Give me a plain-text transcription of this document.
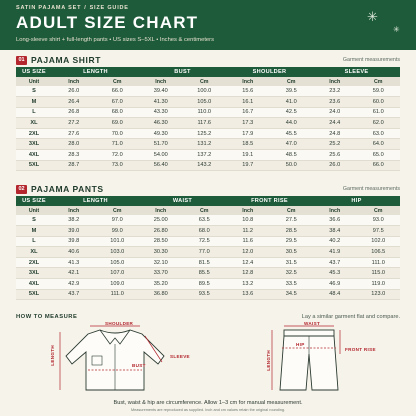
SATIN PAJAMA SET / SIZE GUIDE
ADULT SIZE CHART
Long-sleeve shirt + full-length pants • US sizes S–5XL • Inches & centimeters
✳
✳
01 PAJAMA SHIRT	Garment measurements
US SIZE	LENGTH		BUST		SHOULDER		SLEEVE	
Unit	Inch	Cm	Inch	Cm	Inch	Cm	Inch	Cm
S	26.0	66.0	39.40	100.0	15.6	39.5	23.2	59.0
M	26.4	67.0	41.30	105.0	16.1	41.0	23.6	60.0
L	26.8	68.0	43.30	110.0	16.7	42.5	24.0	61.0
XL	27.2	69.0	46.30	117.6	17.3	44.0	24.4	62.0
2XL	27.6	70.0	49.30	125.2	17.9	45.5	24.8	63.0
3XL	28.0	71.0	51.70	131.2	18.5	47.0	25.2	64.0
4XL	28.3	72.0	54.00	137.2	19.1	48.5	25.6	65.0
5XL	28.7	73.0	56.40	143.2	19.7	50.0	26.0	66.0
02 PAJAMA PANTS	Garment measurements
US SIZE	LENGTH		WAIST		FRONT RISE		HIP	
Unit	Inch	Cm	Inch	Cm	Inch	Cm	Inch	Cm
S	38.2	97.0	25.00	63.5	10.8	27.5	36.6	93.0
M	39.0	99.0	26.80	68.0	11.2	28.5	38.4	97.5
L	39.8	101.0	28.50	72.5	11.6	29.5	40.2	102.0
XL	40.6	103.0	30.30	77.0	12.0	30.5	41.9	106.5
2XL	41.3	105.0	32.10	81.5	12.4	31.5	43.7	111.0
3XL	42.1	107.0	33.70	85.5	12.8	32.5	45.3	115.0
4XL	42.9	109.0	35.20	89.5	13.2	33.5	46.9	119.0
5XL	43.7	111.0	36.80	93.5	13.6	34.5	48.4	123.0
HOW TO MEASURE	Lay a similar garment flat and compare.
SHOULDER
LENGTH	BUST
SLEEVE
WAIST
HIP
FRONT RISE
LENGTH
Bust, waist & hip are circumference. Allow 1–3 cm for manual measurement.
Measurements are reproduced as supplied. Inch and cm values retain the original rounding.
